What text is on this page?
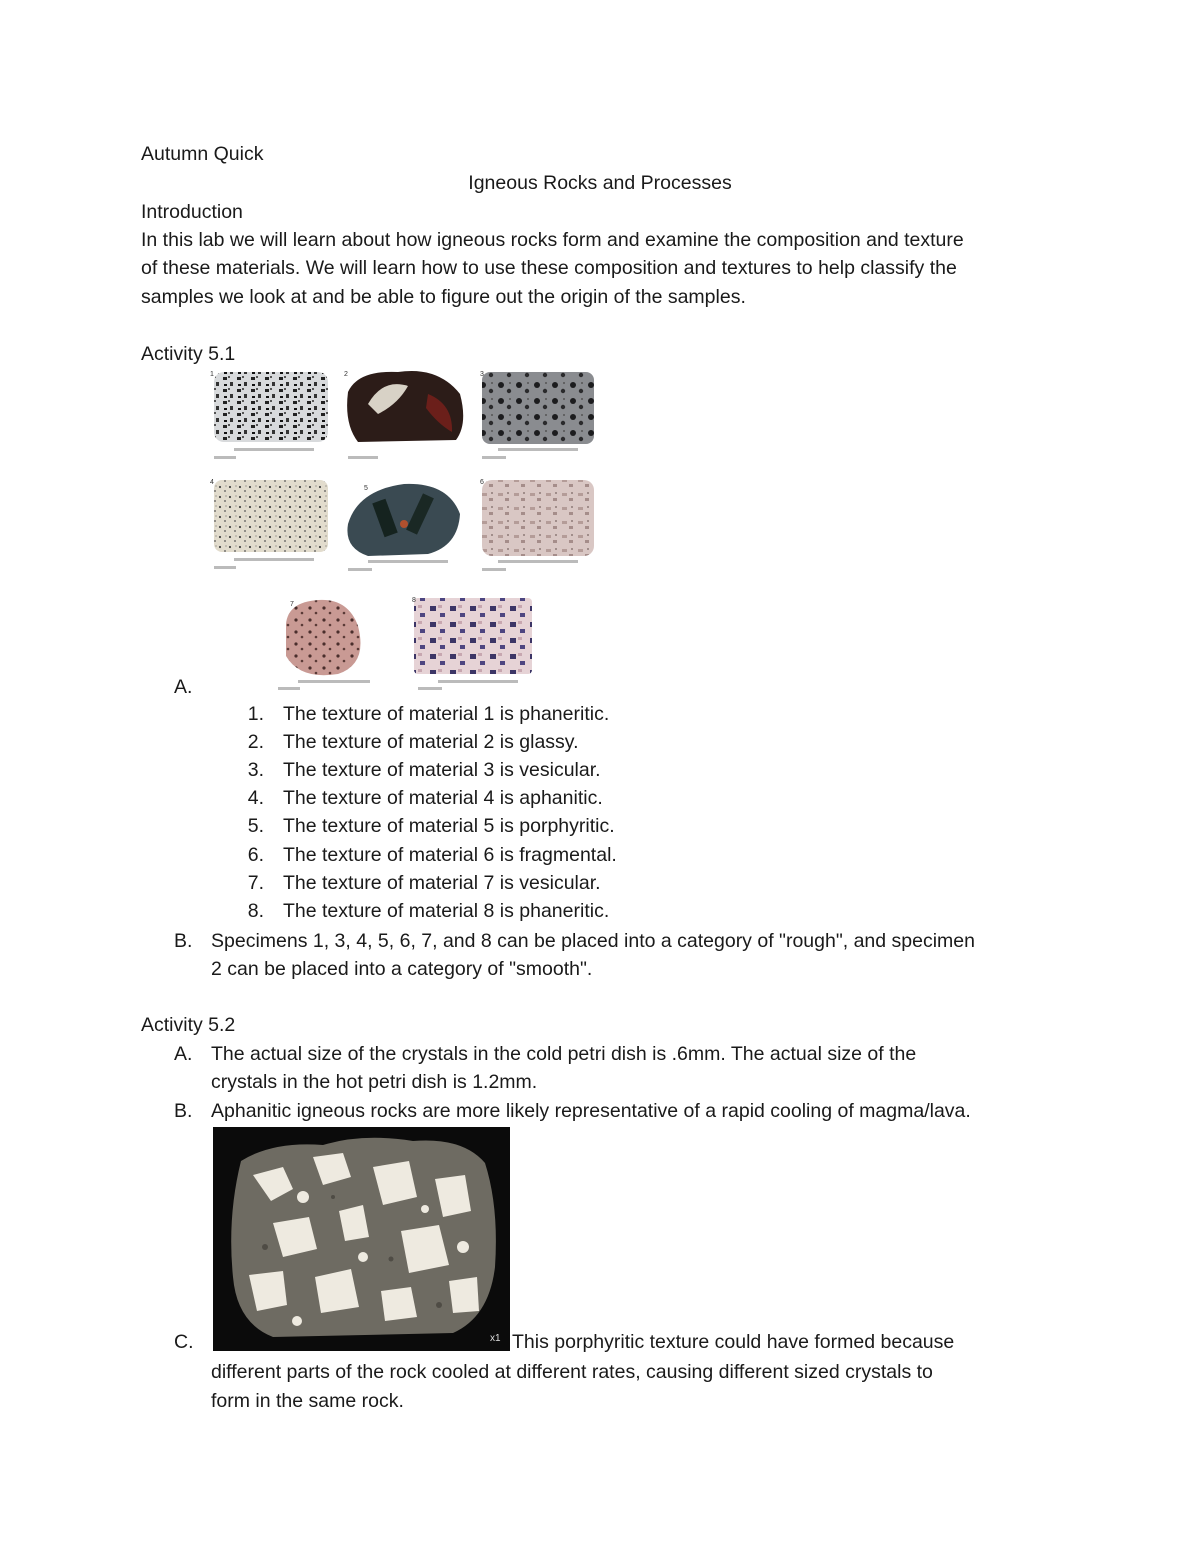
Autumn Quick
Igneous Rocks and Processes
Introduction
In this lab we will learn about how igneous rocks form and examine the composition and texture
of these materials. We will learn how to use these composition and textures to help classify the
samples we look at and be able to figure out the origin of the samples.
Activity 5.1
1	2	3
4
5
6
7
8
A.
1. The texture of material 1 is phaneritic.
2. The texture of material 2 is glassy.
3. The texture of material 3 is vesicular.
4. The texture of material 4 is aphanitic.
5. The texture of material 5 is porphyritic.
6. The texture of material 6 is fragmental.
7. The texture of material 7 is vesicular.
8. The texture of material 8 is phaneritic.
B. Specimens 1, 3, 4, 5, 6, 7, and 8 can be placed into a category of "rough", and specimen
2 can be placed into a category of "smooth".
Activity 5.2
A. The actual size of the crystals in the cold petri dish is .6mm. The actual size of the
crystals in the hot petri dish is 1.2mm.
B. Aphanitic igneous rocks are more likely representative of a rapid cooling of magma/lava.
x1
C.	This porphyritic texture could have formed because
different parts of the rock cooled at different rates, causing different sized crystals to
form in the same rock.
